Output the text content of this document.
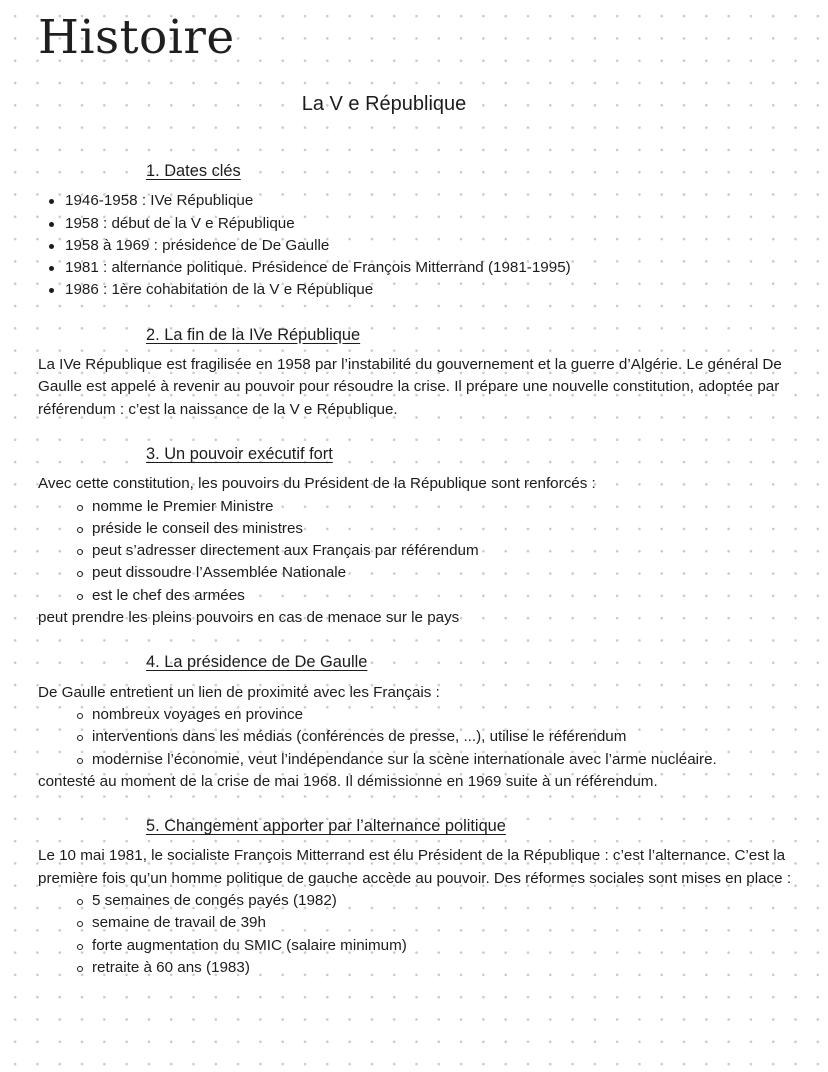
Histoire
La V e République
1. Dates clés
1946-1958 : IVe République
1958 : début de la V e République
1958 à 1969 : présidence de De Gaulle
1981 : alternance politique. Présidence de François Mitterrand (1981-1995)
1986 : 1ère cohabitation de la V e République
2. La fin de la IVe République

La IVe République est fragilisée en 1958 par l’instabilité du gouvernement et la guerre d’Algérie. Le général De Gaulle est appelé à revenir au pouvoir pour résoudre la crise. Il prépare une nouvelle constitution, adoptée par référendum : c’est la naissance de la V e République.

3. Un pouvoir exécutif fort

Avec cette constitution, les pouvoirs du Président de la République sont renforcés :

nomme le Premier Ministre
préside le conseil des ministres
peut s’adresser directement aux Français par référendum
peut dissoudre l’Assemblée Nationale
est le chef des armées

peut prendre les pleins pouvoirs en cas de menace sur le pays

4. La présidence de De Gaulle

De Gaulle entretient un lien de proximité avec les Français :

nombreux voyages en province
interventions dans les médias (conférences de presse, ...), utilise le référendum
modernise l’économie, veut l’indépendance sur la scène internationale avec l’arme nucléaire.

contesté au moment de la crise de mai 1968. Il démissionne en 1969 suite à un référendum.

5. Changement apporter par l’alternance politique

Le 10 mai 1981, le socialiste François Mitterrand est élu Président de la République : c’est l’alternance. C’est la première fois qu’un homme politique de gauche accède au pouvoir. Des réformes sociales sont mises en place :

5 semaines de congés payés (1982)
semaine de travail de 39h
forte augmentation du SMIC (salaire minimum)
retraite à 60 ans (1983)
